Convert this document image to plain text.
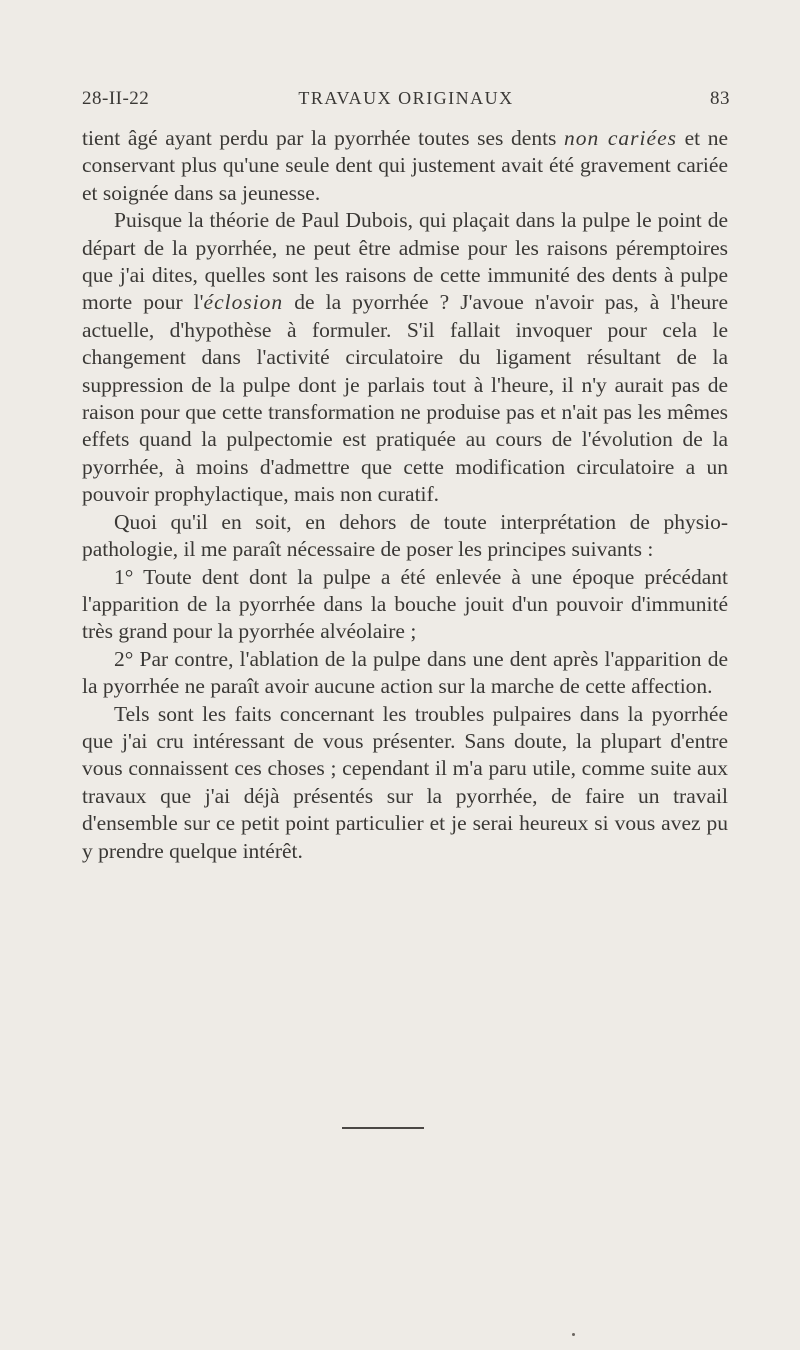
28-II-22	TRAVAUX ORIGINAUX	83

tient âgé ayant perdu par la pyorrhée toutes ses dents non cariées et ne conservant plus qu'une seule dent qui justement avait été gravement cariée et soignée dans sa jeunesse.

Puisque la théorie de Paul Dubois, qui plaçait dans la pulpe le point de départ de la pyorrhée, ne peut être admise pour les raisons péremptoires que j'ai dites, quelles sont les raisons de cette immunité des dents à pulpe morte pour l'éclosion de la pyorrhée ? J'avoue n'avoir pas, à l'heure actuelle, d'hypothèse à formuler. S'il fallait invoquer pour cela le changement dans l'activité circulatoire du ligament résultant de la suppression de la pulpe dont je parlais tout à l'heure, il n'y aurait pas de raison pour que cette transformation ne produise pas et n'ait pas les mêmes effets quand la pulpectomie est pratiquée au cours de l'évolution de la pyorrhée, à moins d'admettre que cette modification circulatoire a un pouvoir prophylactique, mais non curatif.

Quoi qu'il en soit, en dehors de toute interprétation de physio-pathologie, il me paraît nécessaire de poser les principes suivants :

1° Toute dent dont la pulpe a été enlevée à une époque précédant l'apparition de la pyorrhée dans la bouche jouit d'un pouvoir d'immunité très grand pour la pyorrhée alvéolaire ;

2° Par contre, l'ablation de la pulpe dans une dent après l'apparition de la pyorrhée ne paraît avoir aucune action sur la marche de cette affection.

Tels sont les faits concernant les troubles pulpaires dans la pyorrhée que j'ai cru intéressant de vous présenter. Sans doute, la plupart d'entre vous connaissent ces choses ; cependant il m'a paru utile, comme suite aux travaux que j'ai déjà présentés sur la pyorrhée, de faire un travail d'ensemble sur ce petit point particulier et je serai heureux si vous avez pu y prendre quelque intérêt.
